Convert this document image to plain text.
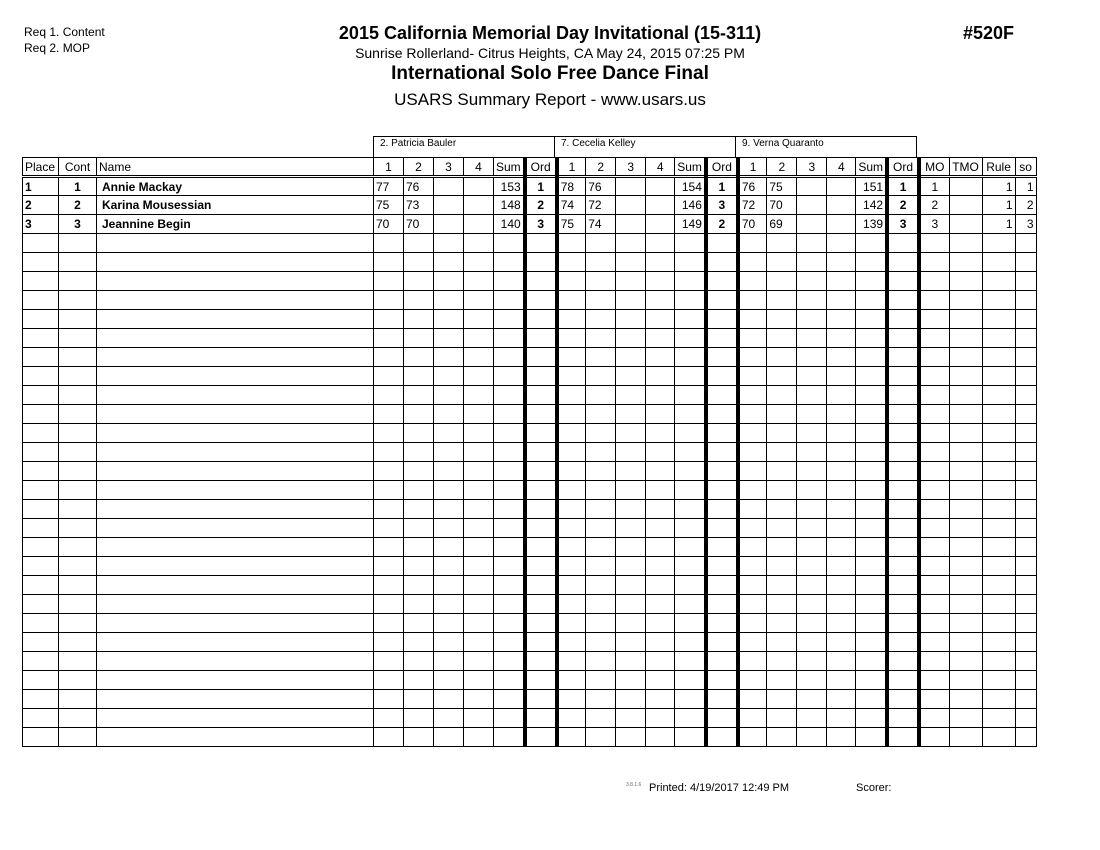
Req 1. Content
Req 2. MOP
2015 California Memorial Day Invitational (15-311)
Sunrise Rollerland- Citrus Heights, CA May 24, 2015 07:25 PM
International Solo Free Dance Final
USARS Summary Report - www.usars.us
#520F
2. Patricia Bauler	7. Cecelia Kelley	9. Verna Quaranto
Place	Cont	Name	1	2	3	4	Sum	Ord	1	2	3	4	Sum	Ord	1	2	3	4	Sum	Ord	MO	TMO	Rule	so
1	1	Annie Mackay	77	76			153	1	78	76			154	1	76	75			151	1	1		1	1
2	2	Karina Mousessian	75	73			148	2	74	72			146	3	72	70			142	2	2		1	2
3	3	Jeannine Begin	70	70			140	3	75	74			149	2	70	69			139	3	3		1	3

3.8.1.6 Printed: 4/19/2017 12:49 PM	Scorer:
